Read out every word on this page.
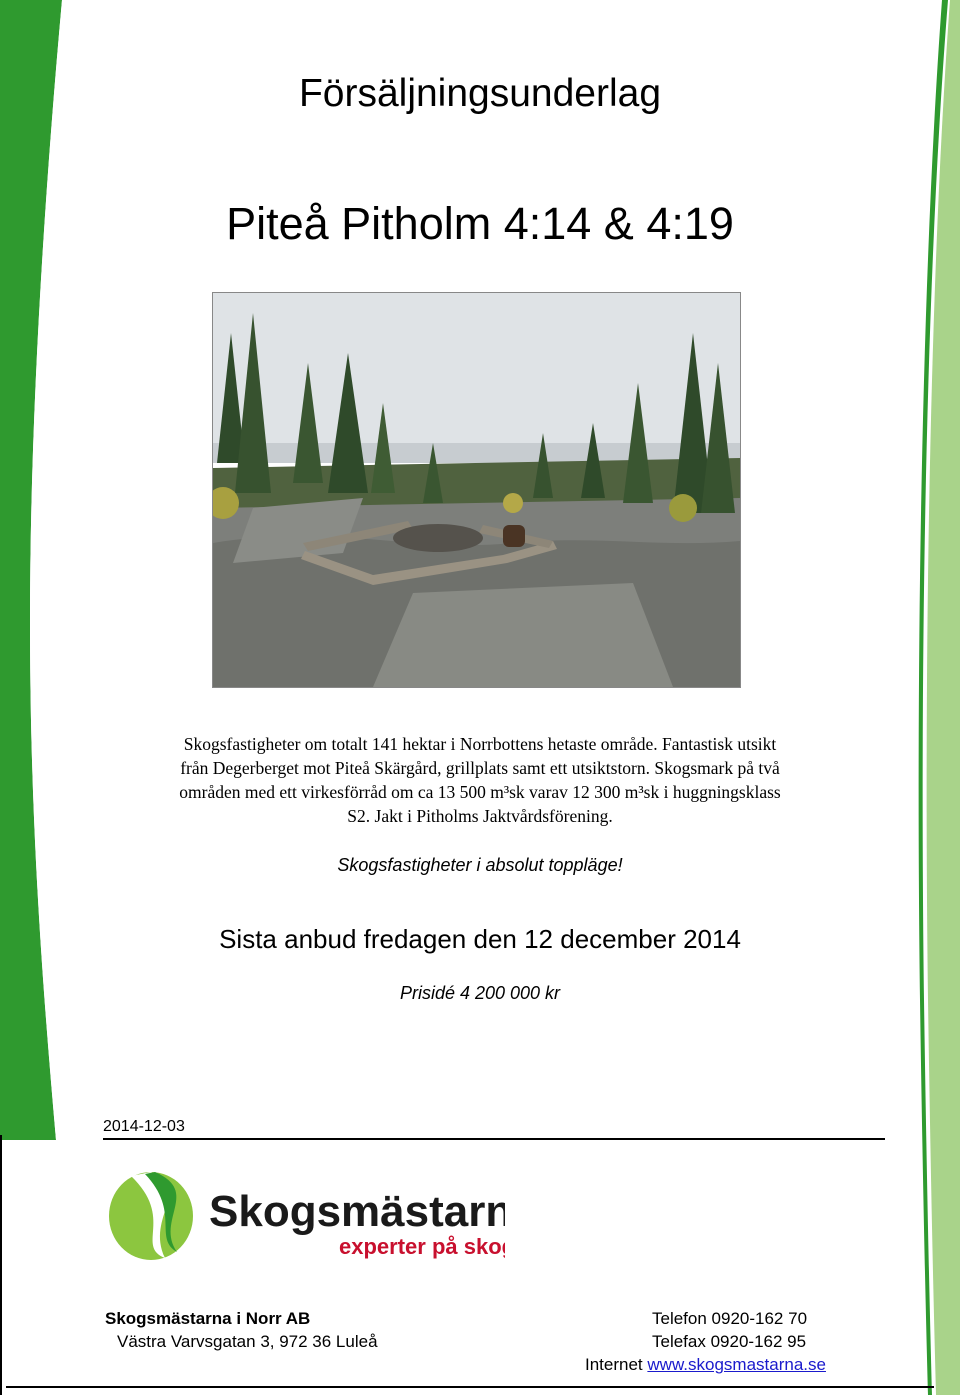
Försäljningsunderlag
Piteå Pitholm 4:14 & 4:19
Skogsfastigheter om totalt 141 hektar i Norrbottens hetaste område. Fantastisk utsikt
från Degerberget mot Piteå Skärgård, grillplats samt ett utsiktstorn. Skogsmark på två
områden med ett virkesförråd om ca 13 500 m³sk varav 12 300 m³sk i huggningsklass
S2. Jakt i Pitholms Jaktvårdsförening.
Skogsfastigheter i absolut toppläge!
Sista anbud fredagen den 12 december 2014
Prisidé 4 200 000 kr
2014-12-03
Skogsmästarna
experter på skog
Skogsmästarna i Norr AB
Västra Varvsgatan 3, 972 36 Luleå
Telefon 0920-162 70
Telefax 0920-162 95
Internet www.skogsmastarna.se
